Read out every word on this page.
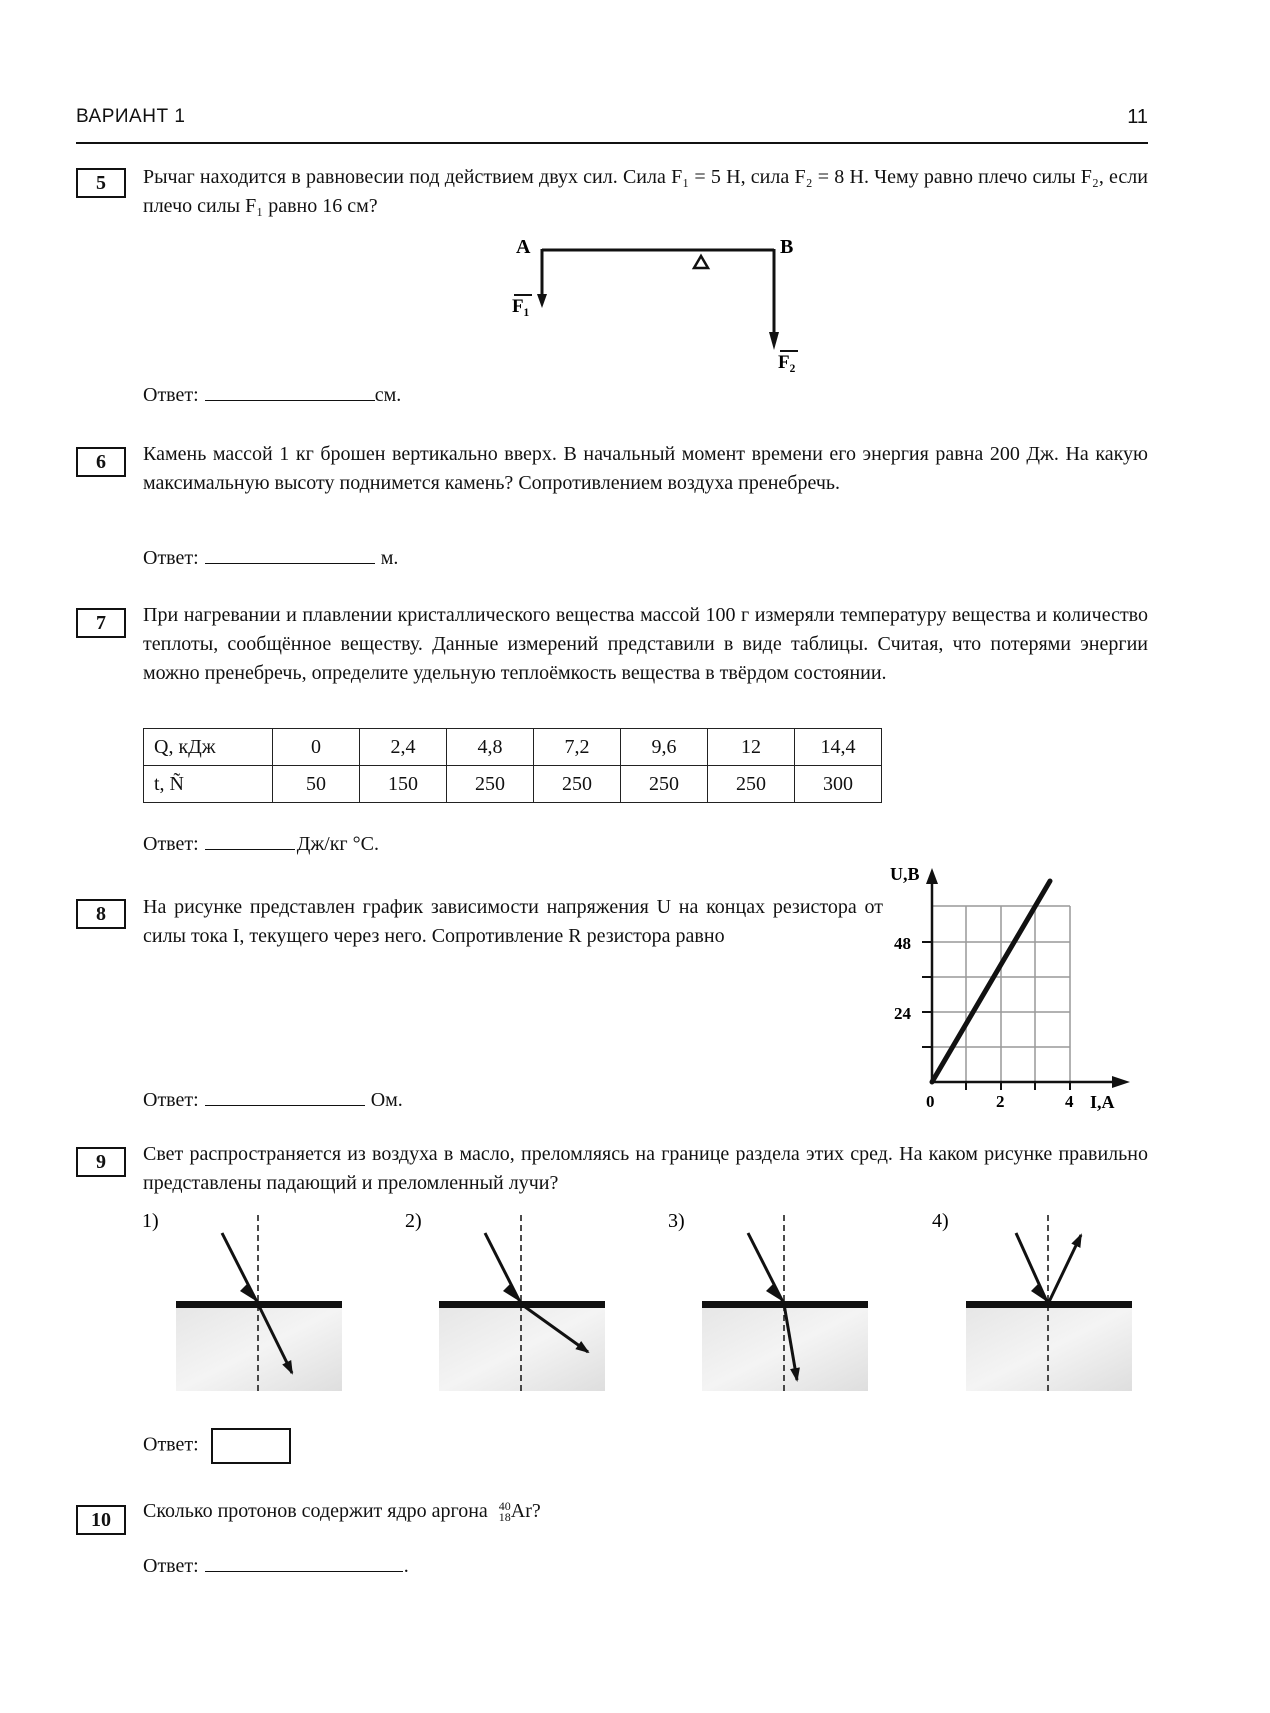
ВАРИАНТ 1	11
5	Рычаг находится в равновесии под действием двух сил. Сила F₁ = 5 Н, сила F₂ = 8 Н. Чему равно плечо силы F₂, если плечо силы F₁ равно 16 см?
A	B
F₁
F₂
Ответ:	см.
6	Камень массой 1 кг брошен вертикально вверх. В начальный момент времени его энергия равна 200 Дж. На какую максимальную высоту поднимется камень? Сопротивлением воздуха пренебречь.
Ответ:	м.
7	При нагревании и плавлении кристаллического вещества массой 100 г измеряли температуру вещества и количество теплоты, сообщённое веществу. Данные измерений представили в виде таблицы. Считая, что потерями энергии можно пренебречь, определите удельную теплоёмкость вещества в твёрдом состоянии.
Q, кДж	0	2,4	4,8	7,2	9,6	12	14,4
t, Ñ	50	150	250	250	250	250	300
Ответ:	Дж/кг °С.
8	На рисунке представлен график зависимости напряжения U на концах резистора от силы тока I, текущего через него. Сопротивление R резистора равно
Ответ:	Ом.
U,B
24
48
0	2	4 I,A
9	Свет распространяется из воздуха в масло, преломляясь на границе раздела этих сред. На каком рисунке правильно представлены падающий и преломленный лучи?
1)	2)	3)	4)
Ответ:
10	Сколько протонов содержит ядро аргона 40
18 Ar?
Ответ:	.
